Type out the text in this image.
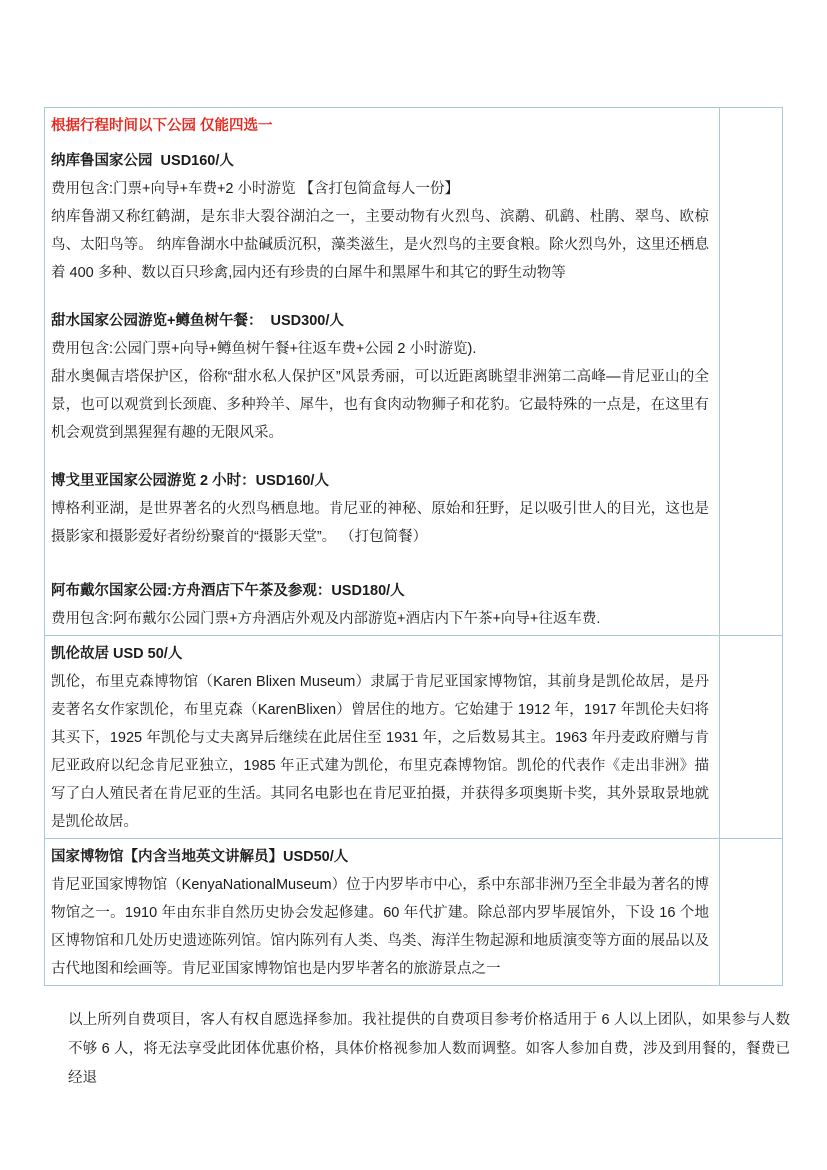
根据行程时间以下公园 仅能四选一

纳库鲁国家公园  USD160/人

费用包含:门票+向导+车费+2 小时游览 【含打包简盒每人一份】

纳库鲁湖又称红鹤湖，是东非大裂谷湖泊之一，主要动物有火烈鸟、滨鹬、矶鹞、杜鹃、翠鸟、欧椋鸟、太阳鸟等。 纳库鲁湖水中盐碱质沉积，藻类滋生，是火烈鸟的主要食粮。除火烈鸟外，这里还栖息着 400 多种、数以百只珍禽,园内还有珍贵的白犀牛和黑犀牛和其它的野生动物等

甜水国家公园游览+鳟鱼树午餐：  USD300/人

费用包含:公园门票+向导+鳟鱼树午餐+往返车费+公园 2 小时游览).

甜水奥佩吉塔保护区，俗称“甜水私人保护区”风景秀丽，可以近距离眺望非洲第二高峰—肯尼亚山的全景，也可以观赏到长颈鹿、多种羚羊、犀牛，也有食肉动物狮子和花豹。它最特殊的一点是，在这里有机会观赏到黑猩猩有趣的无限风采。

博戈里亚国家公园游览 2 小时：USD160/人

博格利亚湖，是世界著名的火烈鸟栖息地。肯尼亚的神秘、原始和狂野，足以吸引世人的目光，这也是摄影家和摄影爱好者纷纷聚首的“摄影天堂”。 （打包简餐）

阿布戴尔国家公园:方舟酒店下午茶及参观：USD180/人

费用包含:阿布戴尔公园门票+方舟酒店外观及内部游览+酒店内下午茶+向导+往返车费.

凯伦故居 USD 50/人

凯伦，布里克森博物馆（Karen Blixen Museum）隶属于肯尼亚国家博物馆，其前身是凯伦故居，是丹麦著名女作家凯伦，布里克森（KarenBlixen）曾居住的地方。它始建于 1912 年，1917 年凯伦夫妇将其买下，1925 年凯伦与丈夫离异后继续在此居住至 1931 年，之后数易其主。1963 年丹麦政府赠与肯尼亚政府以纪念肯尼亚独立，1985 年正式建为凯伦，布里克森博物馆。凯伦的代表作《走出非洲》描写了白人殖民者在肯尼亚的生活。其同名电影也在肯尼亚拍摄，并获得多项奥斯卡奖，其外景取景地就是凯伦故居。

国家博物馆【内含当地英文讲解员】USD50/人

肯尼亚国家博物馆（KenyaNationalMuseum）位于内罗毕市中心，系中东部非洲乃至全非最为著名的博物馆之一。1910 年由东非自然历史协会发起修建。60 年代扩建。除总部内罗毕展馆外，下设 16 个地区博物馆和几处历史遗迹陈列馆。馆内陈列有人类、鸟类、海洋生物起源和地质演变等方面的展品以及古代地图和绘画等。肯尼亚国家博物馆也是内罗毕著名的旅游景点之一

以上所列自费项目，客人有权自愿选择参加。我社提供的自费项目参考价格适用于 6 人以上团队，如果参与人数不够 6 人，将无法享受此团体优惠价格，具体价格视参加人数而调整。如客人参加自费，涉及到用餐的，餐费已经退
